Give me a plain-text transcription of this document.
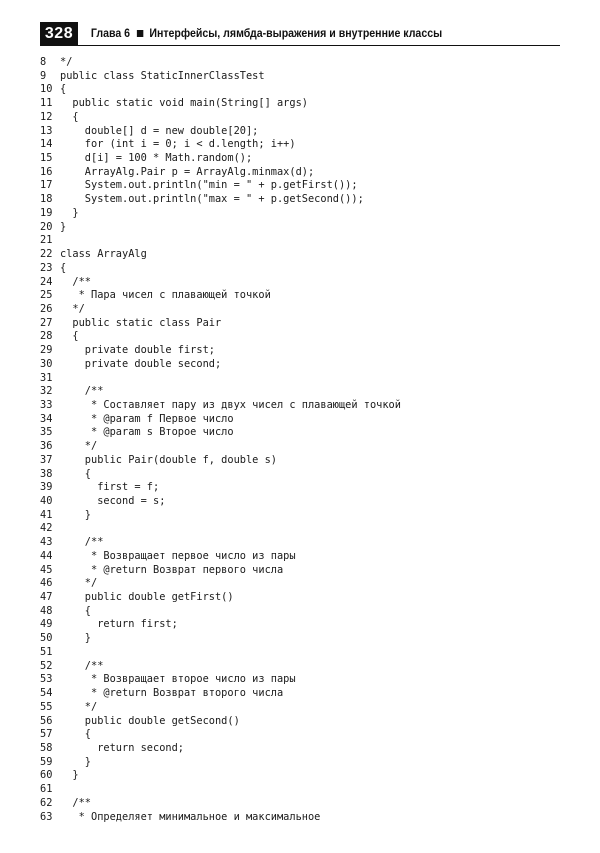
328	Глава 6 Интерфейсы, лямбда-выражения и внутренние классы
8	*/
9	public class StaticInnerClassTest
10 {
11 public static void main(String[] args)
12 {
13 double[] d = new double[20];
14 for (int i = 0; i < d.length; i++)
15 d[i] = 100 * Math.random();
16 ArrayAlg.Pair p = ArrayAlg.minmax(d);
17 System.out.println("min = " + p.getFirst());
18 System.out.println("max = " + p.getSecond());
19 }
20 }
21
22 class ArrayAlg
23 {
24 /**
25 * Пара чисел с плавающей точкой
26 */
27 public static class Pair
28 {
29 private double first;
30 private double second;
31
32 /**
33 * Составляет пару из двух чисел с плавающей точкой
34 * @param f Первое число
35 * @param s Второе число
36 */
37 public Pair(double f, double s)
38 {
39 first = f;
40 second = s;
41 }
42
43 /**
44 * Возвращает первое число из пары
45 * @return Возврат первого числа
46 */
47 public double getFirst()
48 {
49 return first;
50 }
51
52 /**
53 * Возвращает второе число из пары
54 * @return Возврат второго числа
55 */
56 public double getSecond()
57 {
58 return second;
59 }
60 }
61
62 /**
63 * Определяет минимальное и максимальное
